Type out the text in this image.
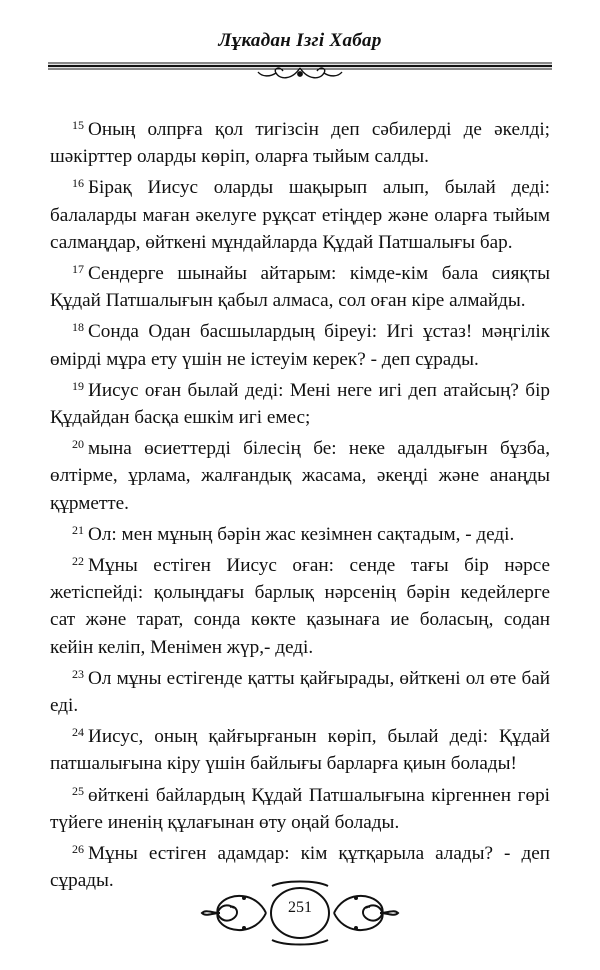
Лұкадан Ізгі Хабар

$^{15}$ Оның олпрға қол тигізсін деп сәбилерді де әкелді; шәкірттер оларды көріп, оларға тыйым салды.

$^{16}$ Бірақ Иисус оларды шақырып алып, былай деді: балаларды маған әкелуге рұқсат етіңдер және оларға тыйым салмаңдар, өйткені мұндайларда Құдай Патшалығы бар.

$^{17}$ Сендерге шынайы айтарым: кімде-кім бала сияқты Құдай Патшалығын қабыл алмаса, сол оған кіре алмайды.

$^{18}$ Сонда Одан басшылардың біреуі: Игі ұстаз! мәңгілік өмірді мұра ету үшін не істеуім керек? - деп сұрады.

$^{19}$ Иисус оған былай деді: Мені неге игі деп атайсың? бір Құдайдан басқа ешкім игі емес;

$^{20}$ мына өсиеттерді білесің бе: неке адалдығын бұзба, өлтірме, ұрлама, жалғандық жасама, әкеңді және анаңды құрметте.

$^{21}$ Ол: мен мұның бәрін жас кезімнен сақтадым, - деді.

$^{22}$ Мұны естіген Иисус оған: сенде тағы бір нәрсе жетіспейді: қолыңдағы барлық нәрсенің бәрін кедейлерге сат және тарат, сонда көкте қазынаға ие боласың, содан кейін келіп, Менімен жүр,- деді.

$^{23}$ Ол мұны естігенде қатты қайғырады, өйткені ол өте бай еді.

$^{24}$ Иисус, оның қайғырғанын көріп, былай деді: Құдай патшалығына кіру үшін байлығы барларға қиын болады!

$^{25}$ өйткені байлардың Құдай Патшалығына кіргеннен гөрі түйеге иненің құлағынан өту оңай болады.

$^{26}$ Мұны естіген адамдар: кім құтқарыла алады? - деп сұрады.

251
